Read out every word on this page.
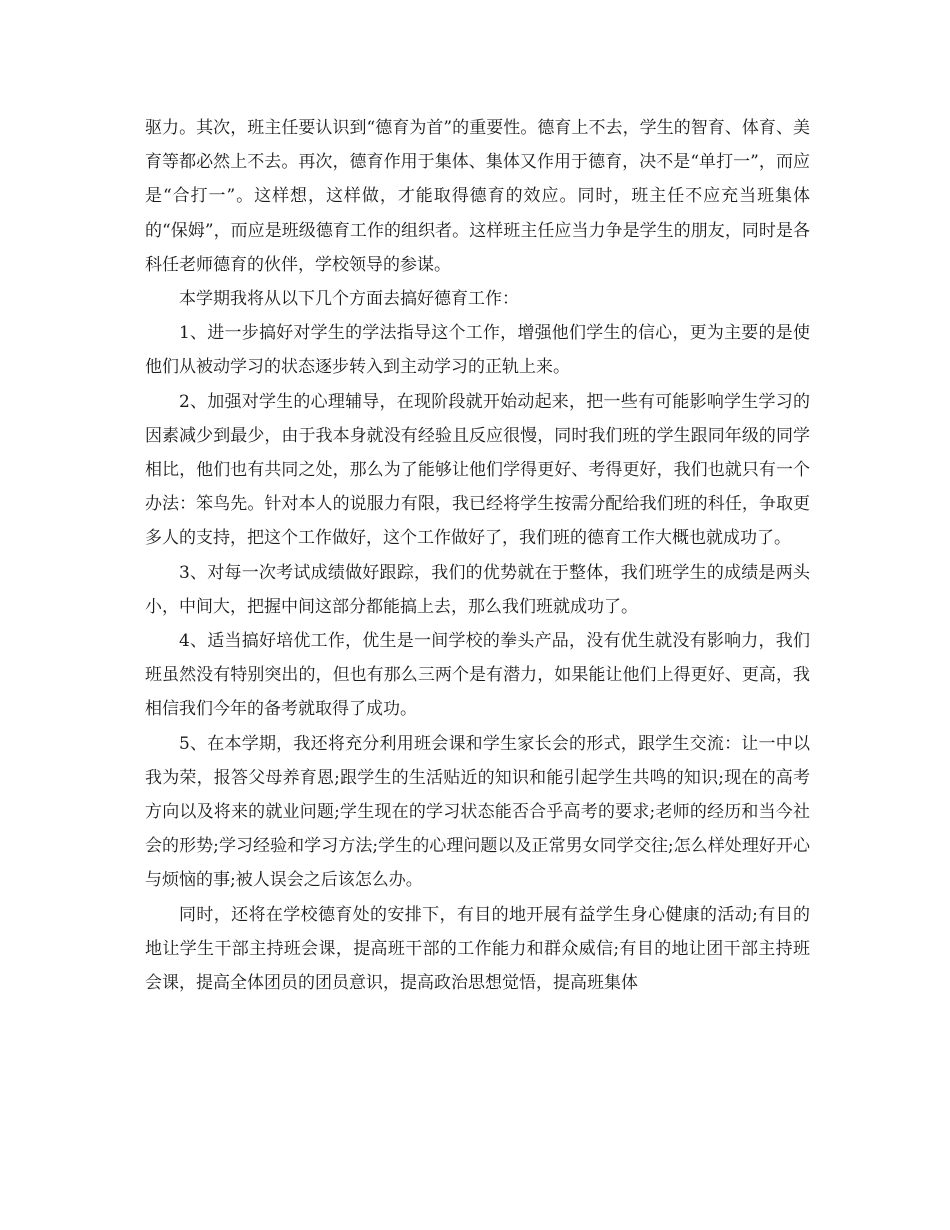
驱力。其次，班主任要认识到“德育为首”的重要性。德育上不去，学生的智育、体育、美育等都必然上不去。再次，德育作用于集体、集体又作用于德育，决不是“单打一”，而应是“合打一”。这样想，这样做，才能取得德育的效应。同时，班主任不应充当班集体的“保姆”，而应是班级德育工作的组织者。这样班主任应当力争是学生的朋友，同时是各科任老师德育的伙伴，学校领导的参谋。

本学期我将从以下几个方面去搞好德育工作：

1、进一步搞好对学生的学法指导这个工作，增强他们学生的信心，更为主要的是使他们从被动学习的状态逐步转入到主动学习的正轨上来。

2、加强对学生的心理辅导，在现阶段就开始动起来，把一些有可能影响学生学习的因素减少到最少，由于我本身就没有经验且反应很慢，同时我们班的学生跟同年级的同学相比，他们也有共同之处，那么为了能够让他们学得更好、考得更好，我们也就只有一个办法：笨鸟先。针对本人的说服力有限，我已经将学生按需分配给我们班的科任，争取更多人的支持，把这个工作做好，这个工作做好了，我们班的德育工作大概也就成功了。

3、对每一次考试成绩做好跟踪，我们的优势就在于整体，我们班学生的成绩是两头小，中间大，把握中间这部分都能搞上去，那么我们班就成功了。

4、适当搞好培优工作，优生是一间学校的拳头产品，没有优生就没有影响力，我们班虽然没有特别突出的，但也有那么三两个是有潜力，如果能让他们上得更好、更高，我相信我们今年的备考就取得了成功。

5、在本学期，我还将充分利用班会课和学生家长会的形式，跟学生交流：让一中以我为荣，报答父母养育恩;跟学生的生活贴近的知识和能引起学生共鸣的知识;现在的高考方向以及将来的就业问题;学生现在的学习状态能否合乎高考的要求;老师的经历和当今社会的形势;学习经验和学习方法;学生的心理问题以及正常男女同学交往;怎么样处理好开心与烦恼的事;被人误会之后该怎么办。

同时，还将在学校德育处的安排下，有目的地开展有益学生身心健康的活动;有目的地让学生干部主持班会课，提高班干部的工作能力和群众威信;有目的地让团干部主持班会课，提高全体团员的团员意识，提高政治思想觉悟，提高班集体
